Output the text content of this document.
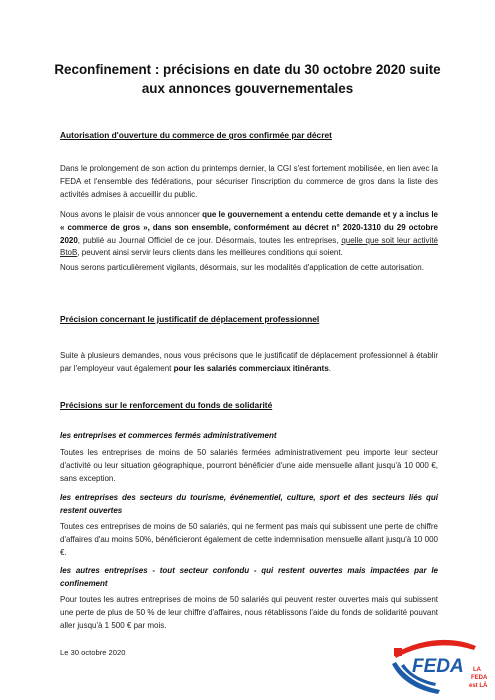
Reconfinement : précisions en date du 30 octobre 2020 suite
aux annonces gouvernementales
Autorisation d'ouverture du commerce de gros confirmée par décret
Dans le prolongement de son action du printemps dernier, la CGI s'est fortement mobilisée, en lien avec la FEDA et l'ensemble des fédérations, pour sécuriser l'inscription du commerce de gros dans la liste des activités admises à accueillir du public.
Nous avons le plaisir de vous annoncer que le gouvernement a entendu cette demande et y a inclus le « commerce de gros », dans son ensemble, conformément au décret n° 2020-1310 du 29 octobre 2020, publié au Journal Officiel de ce jour. Désormais, toutes les entreprises, quelle que soit leur activité BtoB, peuvent ainsi servir leurs clients dans les meilleures conditions qui soient.
Nous serons particulièrement vigilants, désormais, sur les modalités d'application de cette autorisation.
Précision concernant le justificatif de déplacement professionnel
Suite à plusieurs demandes, nous vous précisons que le justificatif de déplacement professionnel à établir par l'employeur vaut également pour les salariés commerciaux itinérants.
Précisions sur le renforcement du fonds de solidarité
les entreprises et commerces fermés administrativement
Toutes les entreprises de moins de 50 salariés fermées administrativement peu importe leur secteur d'activité ou leur situation géographique, pourront bénéficier d'une aide mensuelle allant jusqu'à 10 000 €, sans exception.
les entreprises des secteurs du tourisme, événementiel, culture, sport et des secteurs liés qui restent ouvertes
Toutes ces entreprises de moins de 50 salariés, qui ne ferment pas mais qui subissent une perte de chiffre d'affaires d'au moins 50%, bénéficieront également de cette indemnisation mensuelle allant jusqu'à 10 000 €.
les autres entreprises - tout secteur confondu - qui restent ouvertes mais impactées par le confinement
Pour toutes les autres entreprises de moins de 50 salariés qui peuvent rester ouvertes mais qui subissent une perte de plus de 50 % de leur chiffre d'affaires, nous rétablissons l'aide du fonds de solidarité pouvant aller jusqu'à 1 500 € par mois.
Le 30 octobre 2020
FEDA LA
FEDA
est LÀ
